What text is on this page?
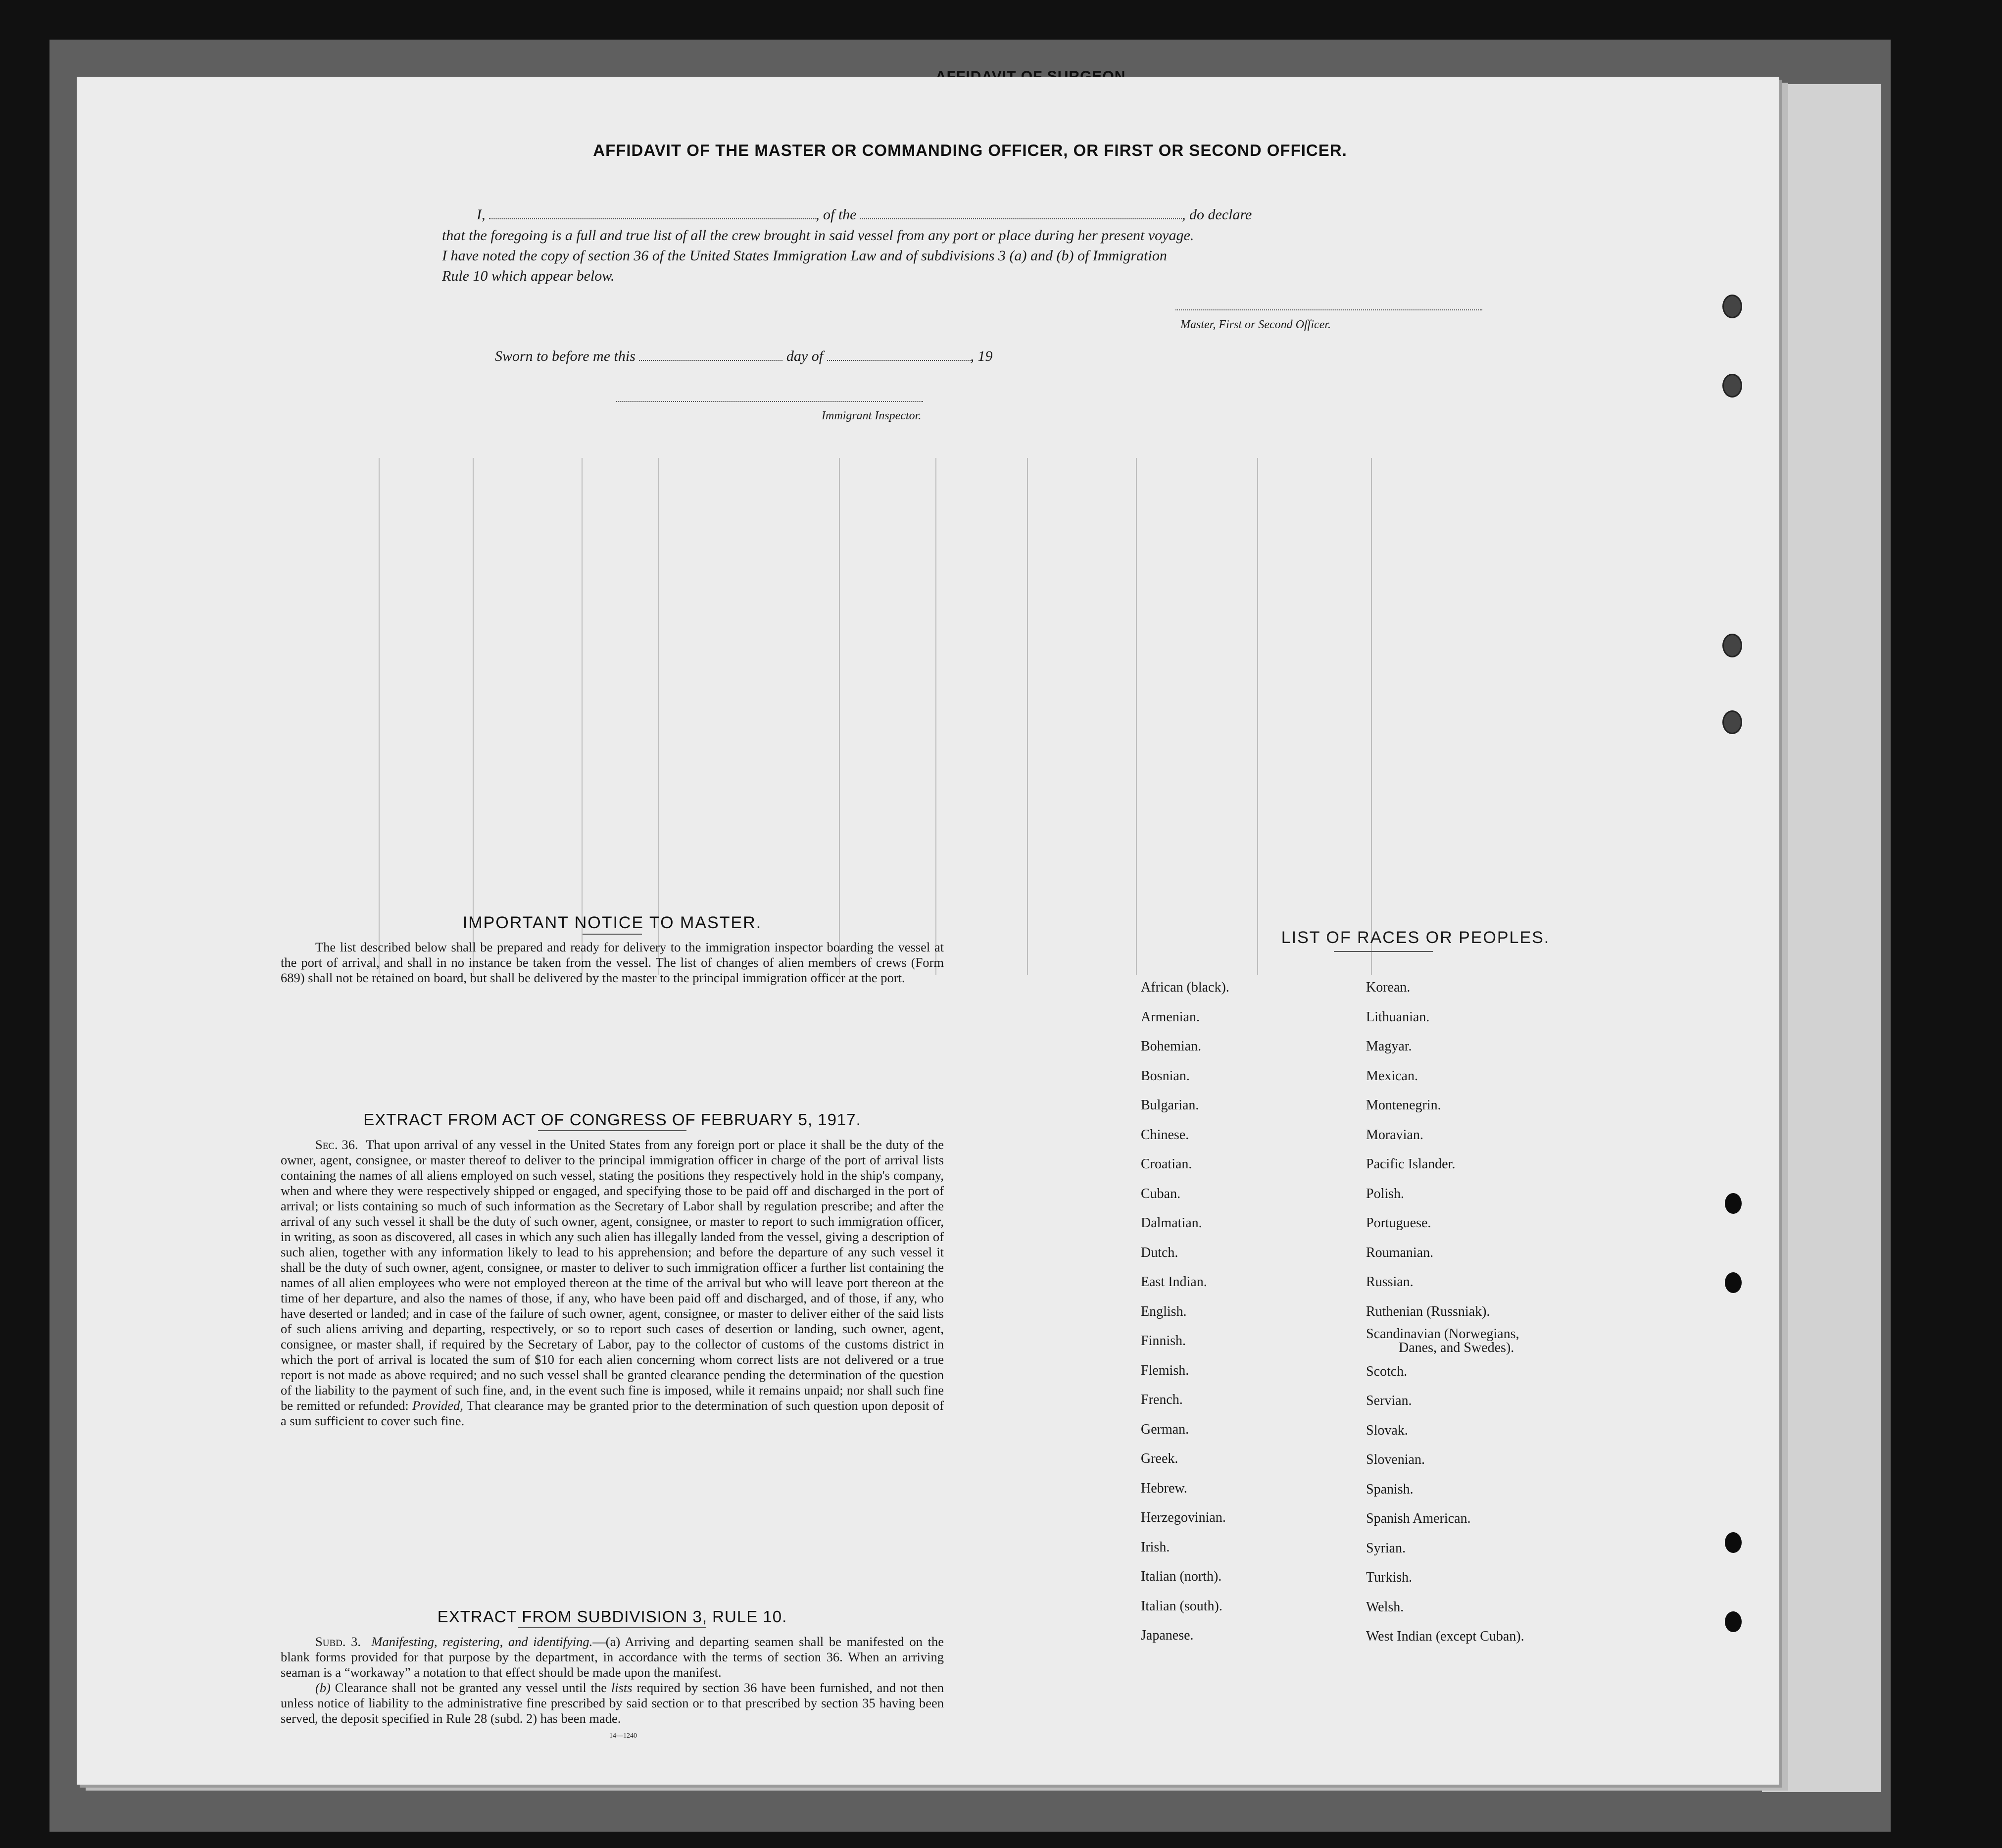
AFFIDAVIT OF THE MASTER OR COMMANDING OFFICER, OR FIRST OR SECOND OFFICER.
I,	, of the	, do declare
that the foregoing is a full and true list of all the crew brought in said vessel from any port or place during her present voyage.
I have noted the copy of section 36 of the United States Immigration Law and of subdivisions 3 (a) and (b) of Immigration
Rule 10 which appear below.
Master, First or Second Officer.
Sworn to before me this	day of	, 19
Immigrant Inspector.
IMPORTANT NOTICE TO MASTER.
The list described below shall be prepared and ready for delivery to the immigration inspector boarding the vessel at the port of arrival, and shall in no instance be taken from the vessel. The list of changes of alien members of crews (Form 689) shall not be retained on board, but shall be delivered by the master to the principal immigration officer at the port.
EXTRACT FROM ACT OF CONGRESS OF FEBRUARY 5, 1917.
Sec. 36. That upon arrival of any vessel in the United States from any foreign port or place it shall be the duty of the owner, agent, consignee, or master thereof to deliver to the principal immigration officer in charge of the port of arrival lists containing the names of all aliens employed on such vessel, stating the positions they respectively hold in the ship's company, when and where they were respectively shipped or engaged, and specifying those to be paid off and discharged in the port of arrival; or lists containing so much of such information as the Secretary of Labor shall by regulation prescribe; and after the arrival of any such vessel it shall be the duty of such owner, agent, consignee, or master to report to such immigration officer, in writing, as soon as discovered, all cases in which any such alien has illegally landed from the vessel, giving a description of such alien, together with any information likely to lead to his apprehension; and before the departure of any such vessel it shall be the duty of such owner, agent, consignee, or master to deliver to such immigration officer a further list containing the names of all alien employees who were not employed thereon at the time of the arrival but who will leave port thereon at the time of her departure, and also the names of those, if any, who have been paid off and discharged, and of those, if any, who have deserted or landed; and in case of the failure of such owner, agent, consignee, or master to deliver either of the said lists of such aliens arriving and departing, respectively, or so to report such cases of desertion or landing, such owner, agent, consignee, or master shall, if required by the Secretary of Labor, pay to the collector of customs of the customs district in which the port of arrival is located the sum of $10 for each alien concerning whom correct lists are not delivered or a true report is not made as above required; and no such vessel shall be granted clearance pending the determination of the question of the liability to the payment of such fine, and, in the event such fine is imposed, while it remains unpaid; nor shall such fine be remitted or refunded: Provided, That clearance may be granted prior to the determination of such question upon deposit of a sum sufficient to cover such fine.
EXTRACT FROM SUBDIVISION 3, RULE 10.
Subd. 3. Manifesting, registering, and identifying.—(a) Arriving and departing seamen shall be manifested on the blank forms provided for that purpose by the department, in accordance with the terms of section 36. When an arriving seaman is a “workaway” a notation to that effect should be made upon the manifest.
(b) Clearance shall not be granted any vessel until the lists required by section 36 have been furnished, and not then unless notice of liability to the administrative fine prescribed by said section or to that prescribed by section 35 having been served, the deposit specified in Rule 28 (subd. 2) has been made.
14—1240
LIST OF RACES OR PEOPLES.
African (black).
Armenian.
Bohemian.
Bosnian.
Bulgarian.
Chinese.
Croatian.
Cuban.
Dalmatian.
Dutch.
East Indian.
English.
Finnish.
Flemish.
French.
German.
Greek.
Hebrew.
Herzegovinian.
Irish.
Italian (north).
Italian (south).
Japanese.
Korean.
Lithuanian.
Magyar.
Mexican.
Montenegrin.
Moravian.
Pacific Islander.
Polish.
Portuguese.
Roumanian.
Russian.
Ruthenian (Russniak).
Scandinavian (Norwegians,
Danes, and Swedes).
Scotch.
Servian.
Slovak.
Slovenian.
Spanish.
Spanish American.
Syrian.
Turkish.
Welsh.
West Indian (except Cuban).
